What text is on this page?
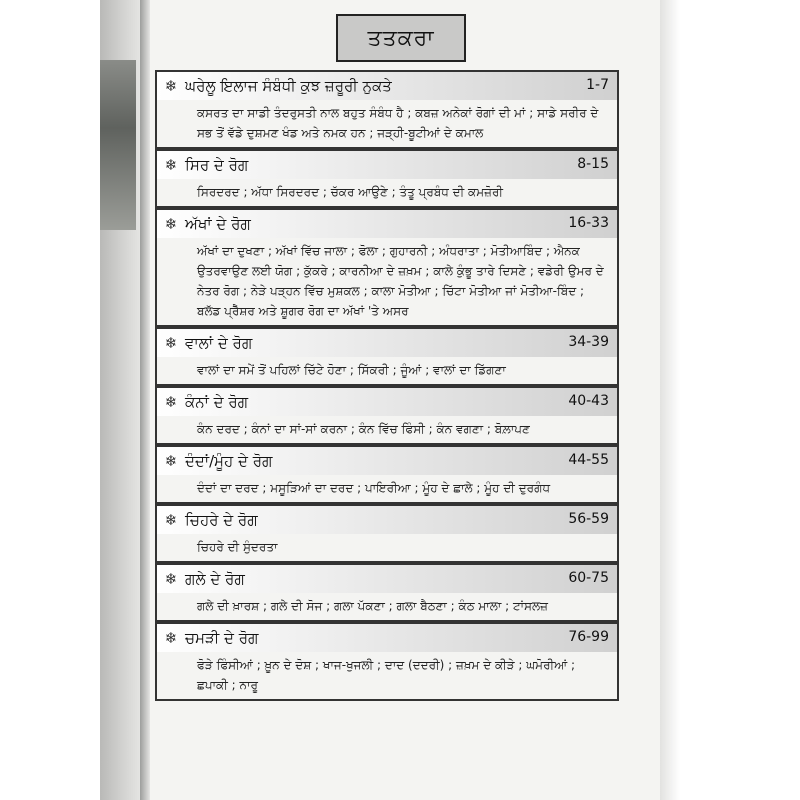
ਤਤਕਰਾ
❄ ਘਰੇਲੂ ਇਲਾਜ ਸੰਬੰਧੀ ਕੁਝ ਜ਼ਰੂਰੀ ਨੁਕਤੇ	1-7
ਕਸਰਤ ਦਾ ਸਾਡੀ ਤੰਦਰੁਸਤੀ ਨਾਲ ਬਹੁਤ ਸੰਬੰਧ ਹੈ ; ਕਬਜ਼ ਅਨੇਕਾਂ ਰੋਗਾਂ ਦੀ ਮਾਂ ; ਸਾਡੇ ਸਰੀਰ ਦੇ ਸਭ ਤੋਂ ਵੱਡੇ ਦੁਸ਼ਮਣ ਖੰਡ ਅਤੇ ਨਮਕ ਹਨ ; ਜੜ੍ਹੀ-ਬੂਟੀਆਂ ਦੇ ਕਮਾਲ
❄ ਸਿਰ ਦੇ ਰੋਗ	8-15
ਸਿਰਦਰਦ ; ਅੱਧਾ ਸਿਰਦਰਦ ; ਚੱਕਰ ਆਉਣੇ ; ਤੰਤੂ ਪ੍ਰਬੰਧ ਦੀ ਕਮਜ਼ੋਰੀ
❄ ਅੱਖਾਂ ਦੇ ਰੋਗ	16-33
ਅੱਖਾਂ ਦਾ ਦੁਖਣਾ ; ਅੱਖਾਂ ਵਿੱਚ ਜਾਲਾ ; ਫੋਲਾ ; ਗੁਹਾਰਨੀ ; ਅੰਧਰਾਤਾ ; ਮੋਤੀਆਬਿੰਦ ; ਐਨਕ ਉਤਰਵਾਉਣ ਲਈ ਯੋਗ ; ਕੁੱਕਰੇ ; ਕਾਰਨੀਆ ਦੇ ਜ਼ਖ਼ਮ ; ਕਾਲੇ ਕੁੰਭੂ ਤਾਰੇ ਦਿਸਣੇ ; ਵਡੇਰੀ ਉਮਰ ਦੇ ਨੇਤਰ ਰੋਗ ; ਨੇੜੇ ਪੜ੍ਹਨ ਵਿੱਚ ਮੁਸ਼ਕਲ ; ਕਾਲਾ ਮੋਤੀਆ ; ਚਿੱਟਾ ਮੋਤੀਆ ਜਾਂ ਮੋਤੀਆ-ਬਿੰਦ ; ਬਲੱਡ ਪ੍ਰੈੱਸ਼ਰ ਅਤੇ ਸ਼ੂਗਰ ਰੋਗ ਦਾ ਅੱਖਾਂ 'ਤੇ ਅਸਰ
❄ ਵਾਲਾਂ ਦੇ ਰੋਗ	34-39
ਵਾਲਾਂ ਦਾ ਸਮੇਂ ਤੋਂ ਪਹਿਲਾਂ ਚਿੱਟੇ ਹੋਣਾ ; ਸਿੱਕਰੀ ; ਜੂੰਆਂ ; ਵਾਲਾਂ ਦਾ ਡਿੱਗਣਾ
❄ ਕੰਨਾਂ ਦੇ ਰੋਗ	40-43
ਕੰਨ ਦਰਦ ; ਕੰਨਾਂ ਦਾ ਸਾਂ-ਸਾਂ ਕਰਨਾ ; ਕੰਨ ਵਿੱਚ ਫਿੰਸੀ ; ਕੰਨ ਵਗਣਾ ; ਬੋਲ਼ਾਪਣ
❄ ਦੰਦਾਂ/ਮੂੰਹ ਦੇ ਰੋਗ	44-55
ਦੰਦਾਂ ਦਾ ਦਰਦ ; ਮਸੂੜਿਆਂ ਦਾ ਦਰਦ ; ਪਾਇਰੀਆ ; ਮੂੰਹ ਦੇ ਛਾਲੇ ; ਮੂੰਹ ਦੀ ਦੁਰਗੰਧ
❄ ਚਿਹਰੇ ਦੇ ਰੋਗ	56-59
ਚਿਹਰੇ ਦੀ ਸੁੰਦਰਤਾ
❄ ਗਲੇ ਦੇ ਰੋਗ	60-75
ਗਲੇ ਦੀ ਖ਼ਾਰਸ਼ ; ਗਲੇ ਦੀ ਸੋਜ ; ਗਲਾ ਪੱਕਣਾ ; ਗਲਾ ਬੈਠਣਾ ; ਕੰਠ ਮਾਲਾ ; ਟਾਂਸਲਜ਼
❄ ਚਮੜੀ ਦੇ ਰੋਗ	76-99
ਫੋੜੇ ਫਿੰਸੀਆਂ ; ਖ਼ੂਨ ਦੇ ਦੋਸ਼ ; ਖਾਜ-ਖੁਜਲੀ ; ਦਾਦ (ਦਦਰੀ) ; ਜ਼ਖ਼ਮ ਦੇ ਕੀੜੇ ; ਘਮੋਰੀਆਂ ; ਛਪਾਕੀ ; ਨਾਰੂ
